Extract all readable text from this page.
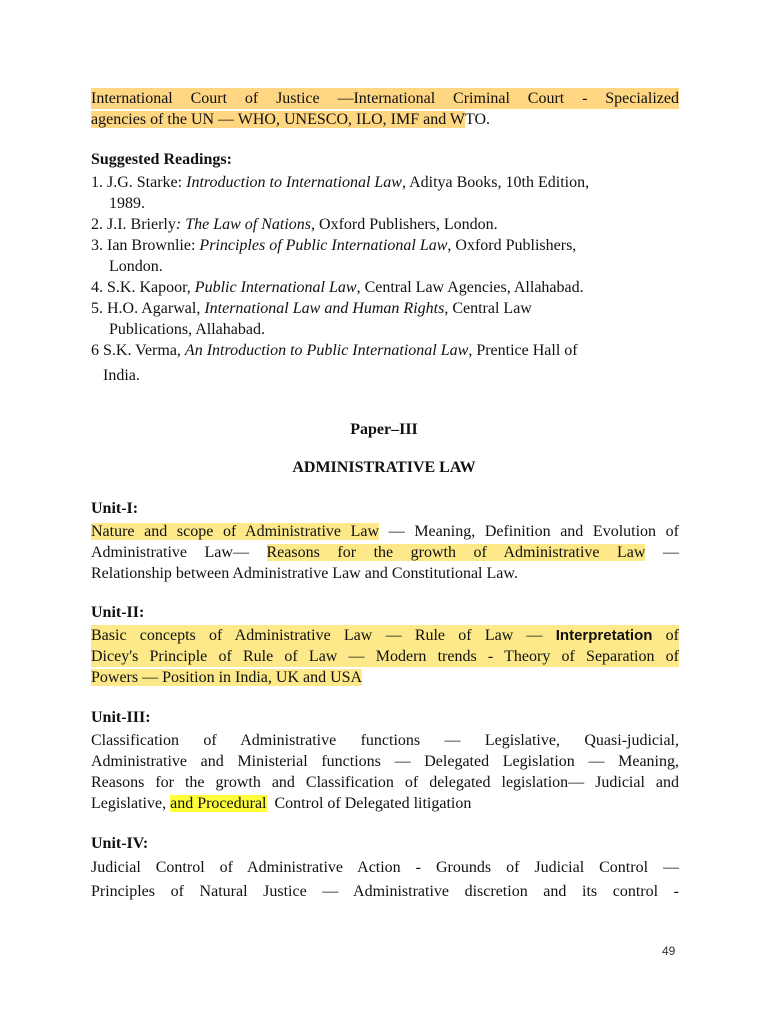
International Court of Justice —International Criminal Court - Specialized
agencies of the UN — WHO, UNESCO, ILO, IMF and WTO.
Suggested Readings:
1. J.G. Starke: Introduction to International Law, Aditya Books, 10th Edition,
1989.
2. J.I. Brierly: The Law of Nations, Oxford Publishers, London.
3. Ian Brownlie: Principles of Public International Law, Oxford Publishers,
London.
4. S.K. Kapoor, Public International Law, Central Law Agencies, Allahabad.
5. H.O. Agarwal, International Law and Human Rights, Central Law
Publications, Allahabad.
6 S.K. Verma, An Introduction to Public International Law, Prentice Hall of
India.
Paper–III
ADMINISTRATIVE LAW
Unit-I:
Nature and scope of Administrative Law — Meaning, Definition and Evolution of
Administrative Law— Reasons for the growth of Administrative Law —
Relationship between Administrative Law and Constitutional Law.
Unit-II:
Basic concepts of Administrative Law — Rule of Law — Interpretation of
Dicey's Principle of Rule of Law — Modern trends - Theory of Separation of
Powers — Position in India, UK and USA
Unit-III:
Classification of Administrative functions — Legislative, Quasi-judicial,
Administrative and Ministerial functions — Delegated Legislation — Meaning,
Reasons for the growth and Classification of delegated legislation— Judicial and
Legislative, and Procedural  Control of Delegated litigation
Unit-IV:
Judicial Control of Administrative Action - Grounds of Judicial Control —
Principles of Natural Justice — Administrative discretion and its control -
49
